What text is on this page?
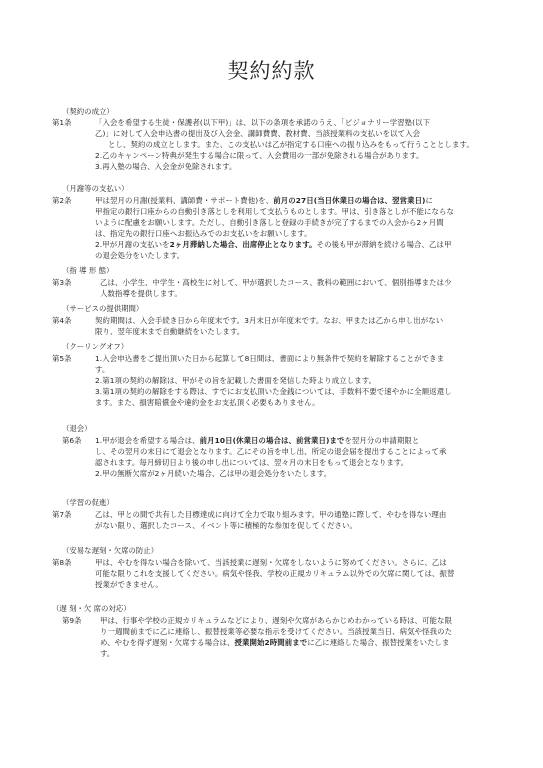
契約約款
（契約の成立）
第1条	「入会を希望する生徒・保護者(以下甲)」は、以下の条項を承諾のうえ、「ビジョナリー学習塾(以下
乙)」に対して入会申込書の提出及び入会金、講師費費、教材費、当該授業料の支払いを以て入会
とし、契約の成立とします。また、この支払いは乙が指定する口座への振り込みをもって行うこととします。
2.乙のキャンペーン特典が発生する場合に限って、入会費用の一部が免除される場合があります。
3.再入塾の場合、入会金が免除されます。
（月謝等の支払い）
第2条	甲は翌月の月謝(授業料、講師費・サポート費他)を、前月の27日(当日休業日の場合は、翌営業日)に
甲指定の銀行口座からの自動引き落としを利用して支払うものとします。甲は、引き落としが不能にならな
いように配慮をお願いします。ただし、自動引き落しと登録の手続きが完了するまでの入会から2ヶ月間
は、指定先の銀行口座へお振込みでのお支払いをお願いします。
2.甲が月謝の支払いを2ヶ月滞納した場合、出席停止となります。その後も甲が滞納を続ける場合、乙は甲
の退会処分をいたします。
（指 導 形 態）
第3条	乙は、小学生、中学生・高校生に対して、甲が選択したコース、教科の範囲において、個別指導または少
人数指導を提供します。
（サービスの提供期間）
第4条	契約期間は、入会手続き日から年度末です。3月末日が年度末です。なお、甲または乙から申し出がない
限り、翌年度末まで自動継続をいたします。
（クーリングオフ）
第5条	1.入会申込書をご提出頂いた日から起算して8日間は、書面により無条件で契約を解除することができま
す。
2.第1項の契約の解除は、甲がその旨を記載した書面を発信した時より成立します。
3.第1項の契約の解除をする際は、すでにお支払頂いた金銭については、手数料不要で速やかに全額返還し
ます。また、損害賠償金や違約金をお支払頂く必要もありません。
（退会）
第6条 1.甲が退会を希望する場合は、前月10日(休業日の場合は、前営業日)までを翌月分の申請期限と
し、その翌月の末日にて退会となります。乙にその旨を申し出、所定の退会届を提出することによって承
認されます。毎月締切日より後の申し出については、翌々月の末日をもって退会となります。
2.甲の無断欠席が2ヶ月続いた場合、乙は甲の退会処分をいたします。
（学習の促進）
第7条	乙は、甲との間で共有した目標達成に向けて全力で取り組みます。甲の通塾に際して、やむを得ない理由
がない限り、選択したコース、イベント等に積極的な参加を促してください。
（安易な遅刻・欠席の防止）
第8条	甲は、やむを得ない場合を除いて、当該授業に遅刻・欠席をしないように努めてください。さらに、乙は
可能な限りこれを支援してください。病気や怪我、学校の正規カリキュラム以外での欠席に関しては、振替
授業ができません。
（遅 刻・欠 席の対応）
第9条	甲は、行事や学校の正規カリキュラムなどにより、遅刻や欠席があらかじめわかっている時は、可能な限
り一週間前までに乙に連絡し、振替授業等必要な指示を受けてください。当該授業当日、病気や怪我のた
め、やむを得ず遅刻・欠席する場合は、授業開始2時間前までに乙に連絡した場合、振替授業をいたしま
す。
